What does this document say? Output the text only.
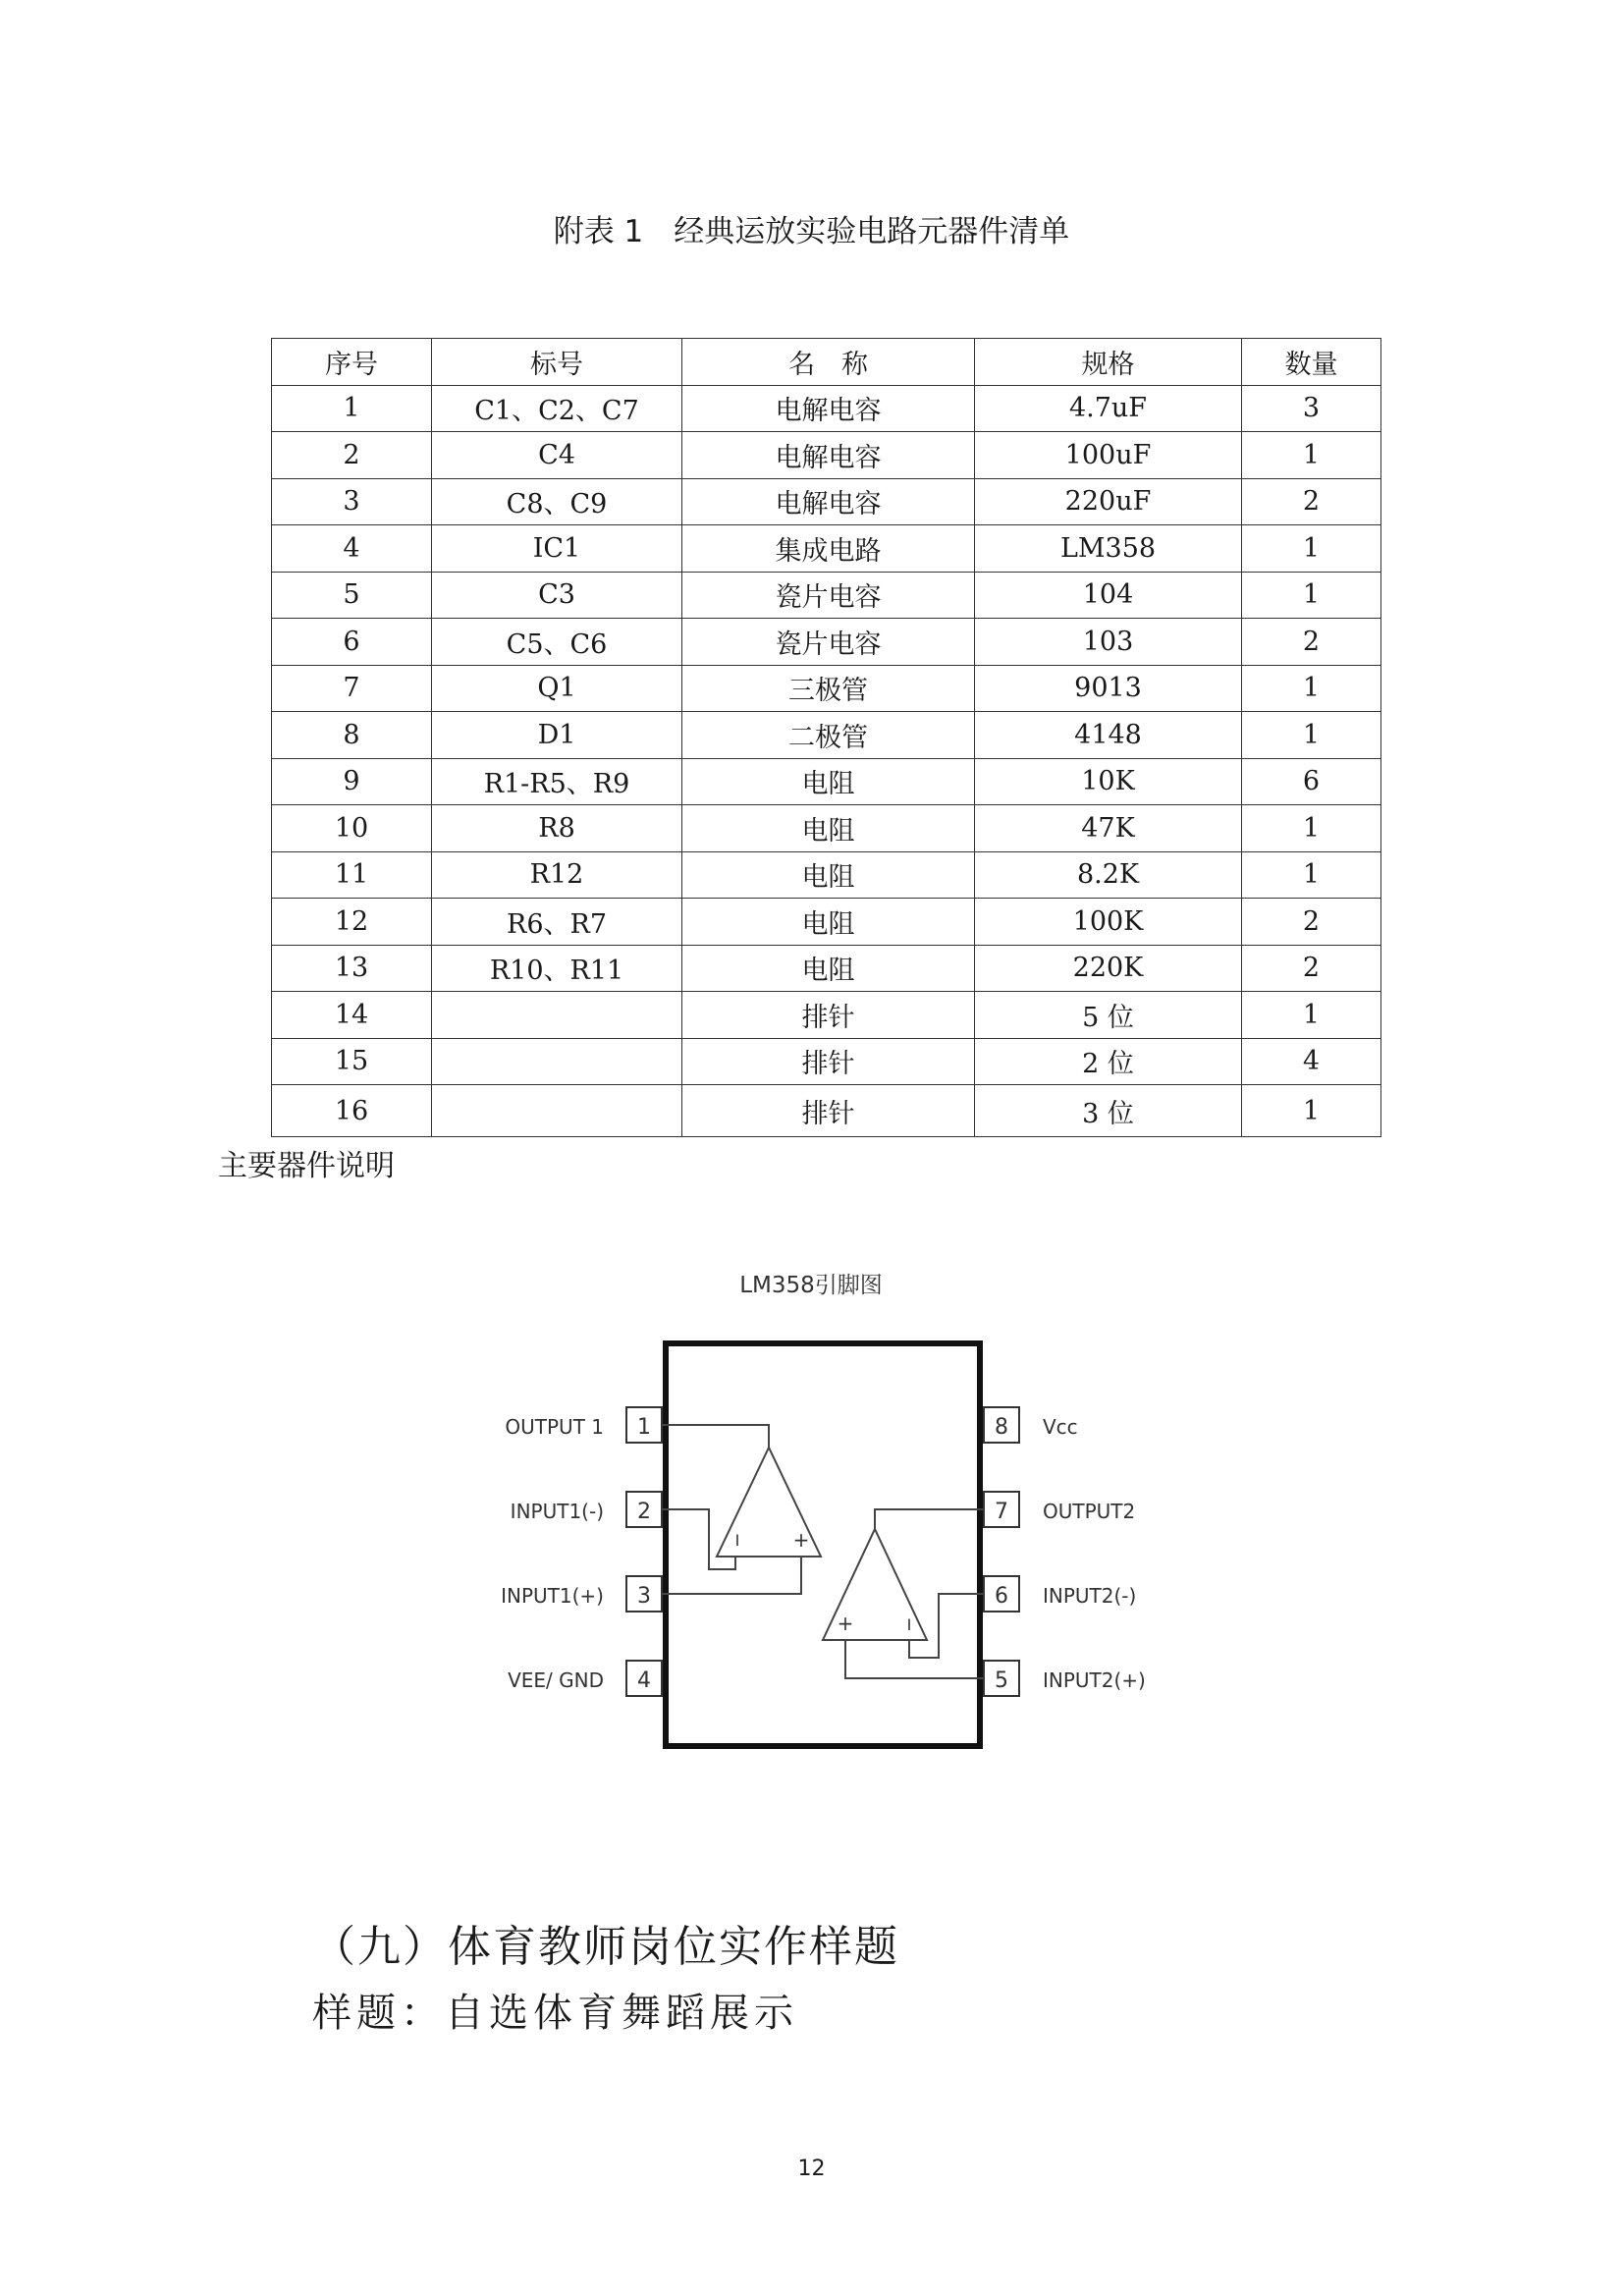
附表 1　经典运放实验电路元器件清单
序号	标号	名　称	规格	数量
1	C1、C2、C7	电解电容	4.7uF	3
2	C4	电解电容	100uF	1
3	C8、C9	电解电容	220uF	2
4	IC1	集成电路	LM358	1
5	C3	瓷片电容	104	1
6	C5、C6	瓷片电容	103	2
7	Q1	三极管	9013	1
8	D1	二极管	4148	1
9	R1-R5、R9	电阻	10K	6
10	R8	电阻	47K	1
11	R12	电阻	8.2K	1
12	R6、R7	电阻	100K	2
13	R10、R11	电阻	220K	2
14		排针	5 位	1
15		排针	2 位	4
16		排针	3 位	1
主要器件说明
LM358引脚图
1
OUTPUT 1
2
INPUT1(-)
3
INPUT1(+)
4
VEE/ GND
8 Vcc
7 OUTPUT2
6 INPUT2(-)
5 INPUT2(+)
I	+
+	I
（九）体育教师岗位实作样题
样题：自选体育舞蹈展示
12
